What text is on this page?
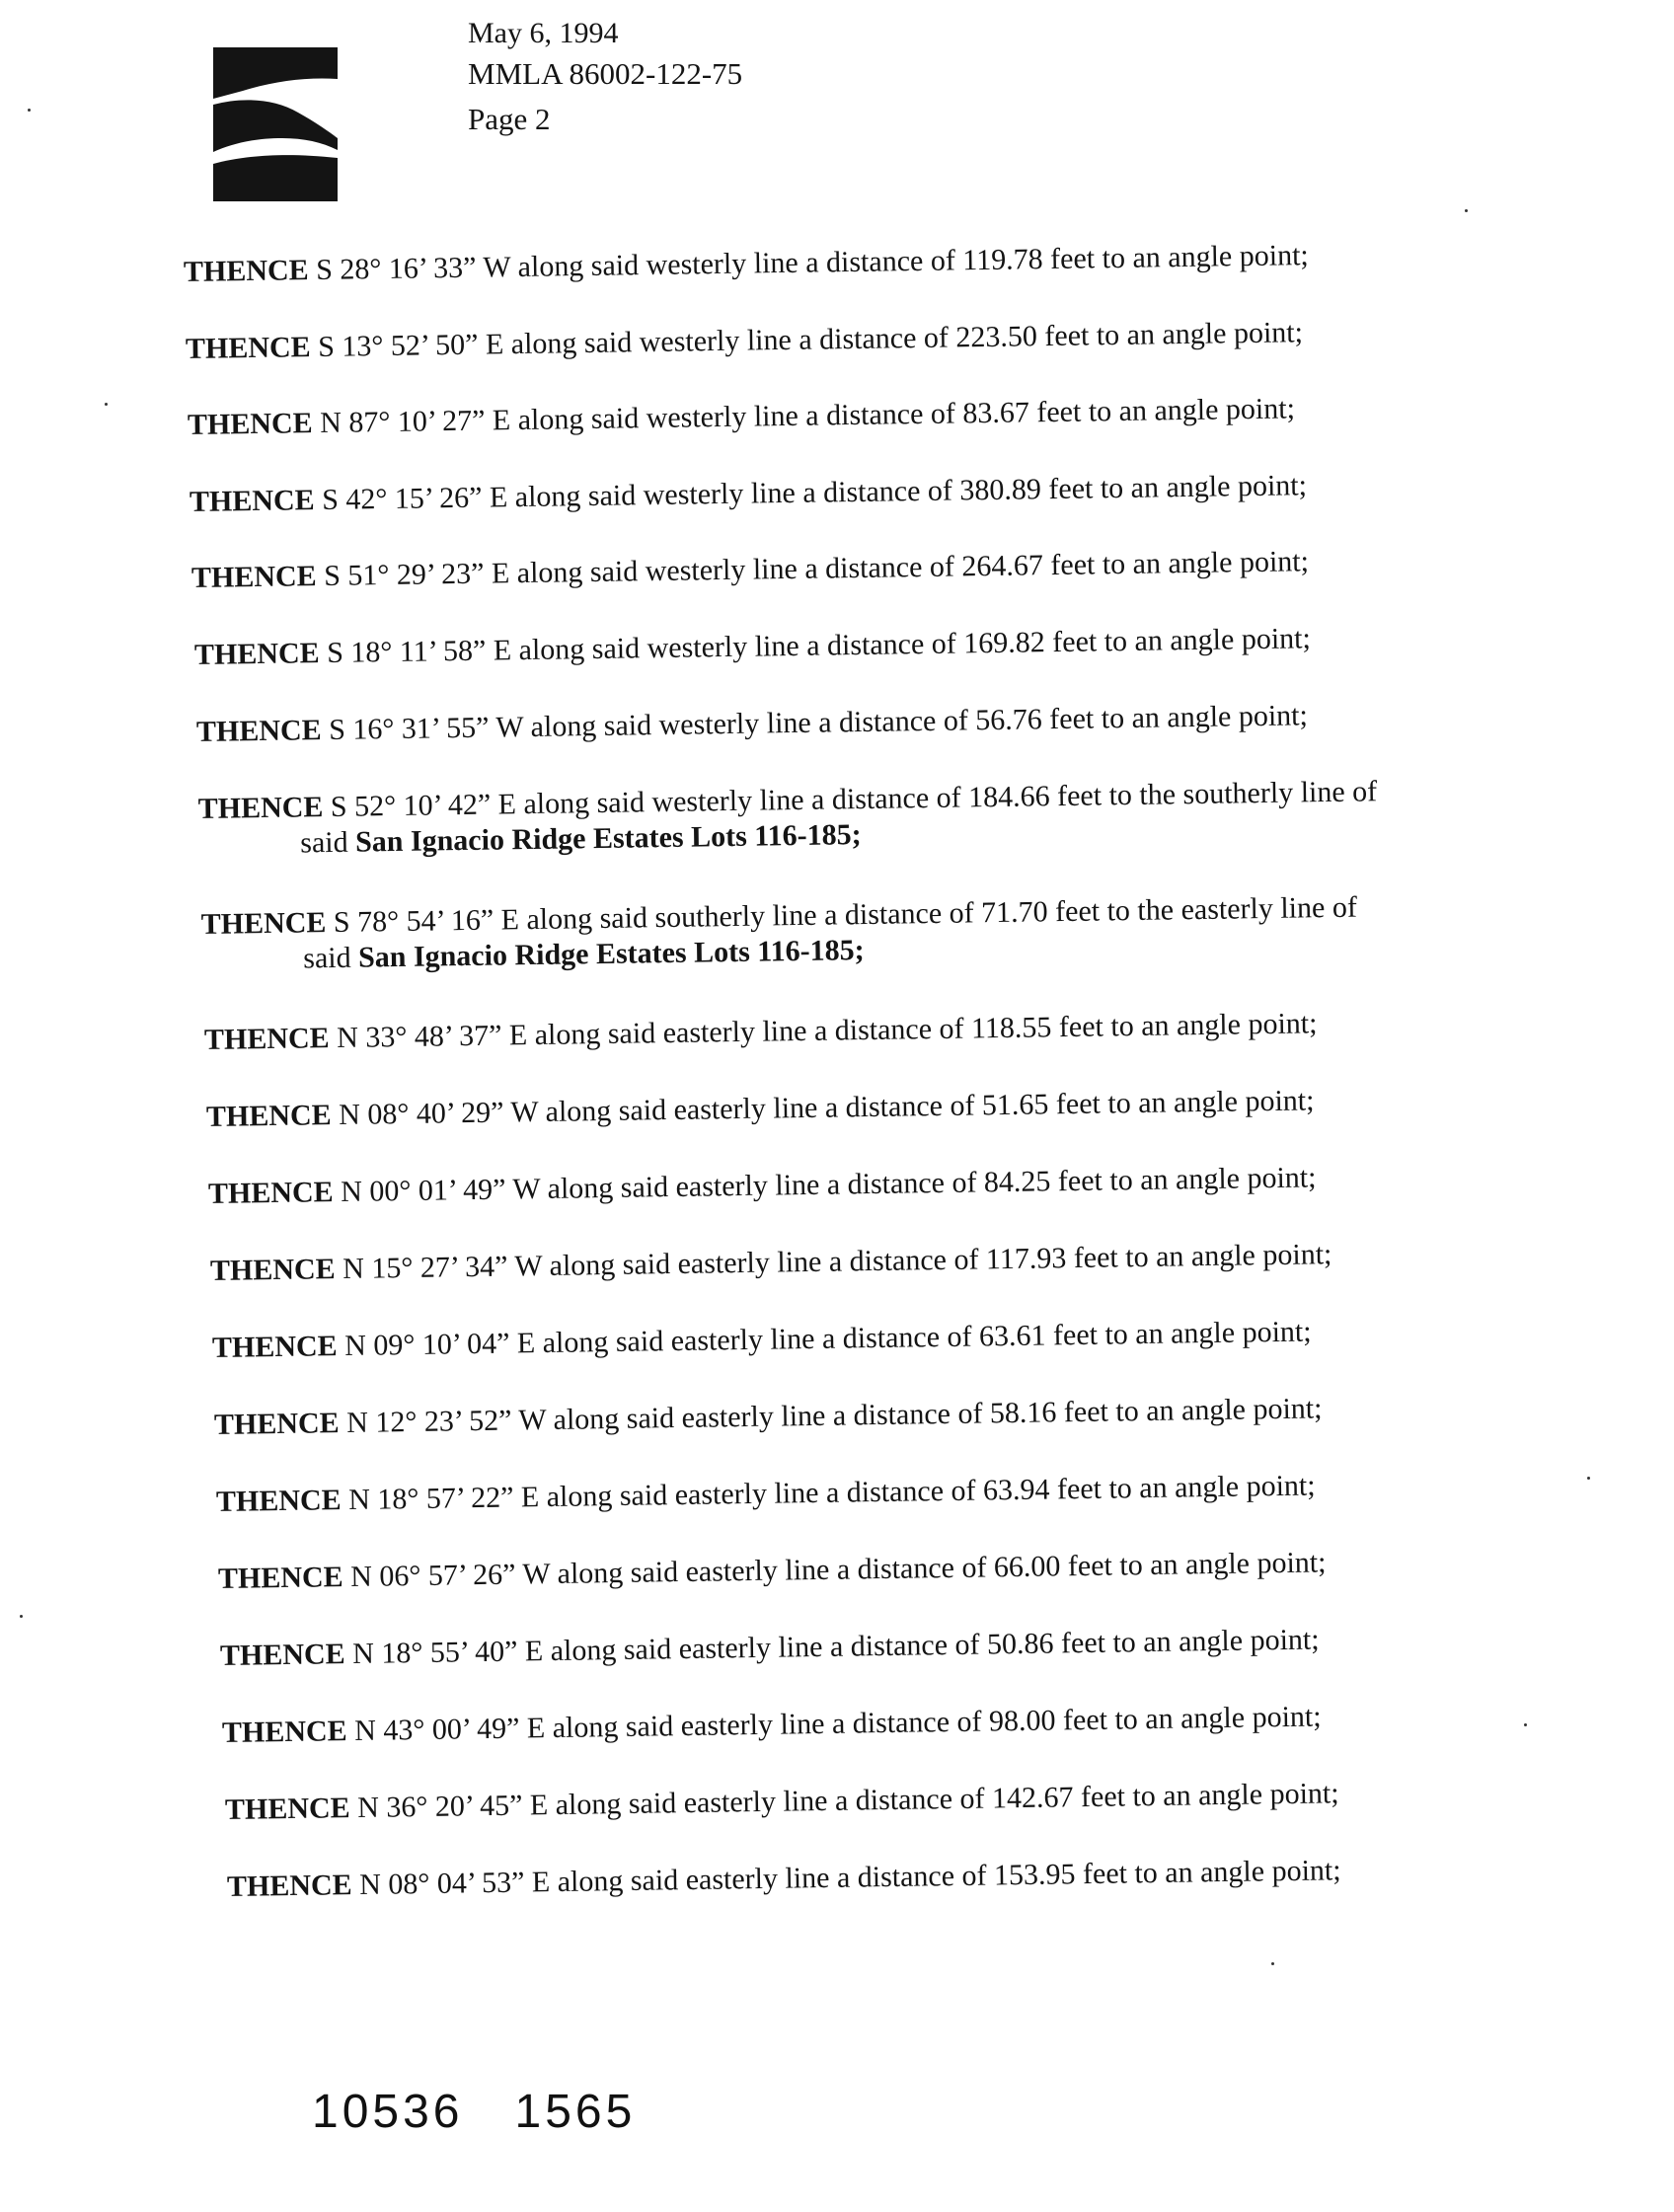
May 6, 1994
MMLA 86002-122-75
Page 2
THENCE S 28° 16’ 33” W along said westerly line a distance of 119.78 feet to an angle point;
THENCE S 13° 52’ 50” E along said westerly line a distance of 223.50 feet to an angle point;
THENCE N 87° 10’ 27” E along said westerly line a distance of 83.67 feet to an angle point;
THENCE S 42° 15’ 26” E along said westerly line a distance of 380.89 feet to an angle point;
THENCE S 51° 29’ 23” E along said westerly line a distance of 264.67 feet to an angle point;
THENCE S 18° 11’ 58” E along said westerly line a distance of 169.82 feet to an angle point;
THENCE S 16° 31’ 55” W along said westerly line a distance of 56.76 feet to an angle point;
THENCE S 52° 10’ 42” E along said westerly line a distance of 184.66 feet to the southerly line of
said San Ignacio Ridge Estates Lots 116-185;
THENCE S 78° 54’ 16” E along said southerly line a distance of 71.70 feet to the easterly line of
said San Ignacio Ridge Estates Lots 116-185;
THENCE N 33° 48’ 37” E along said easterly line a distance of 118.55 feet to an angle point;
THENCE N 08° 40’ 29” W along said easterly line a distance of 51.65 feet to an angle point;
THENCE N 00° 01’ 49” W along said easterly line a distance of 84.25 feet to an angle point;
THENCE N 15° 27’ 34” W along said easterly line a distance of 117.93 feet to an angle point;
THENCE N 09° 10’ 04” E along said easterly line a distance of 63.61 feet to an angle point;
THENCE N 12° 23’ 52” W along said easterly line a distance of 58.16 feet to an angle point;
THENCE N 18° 57’ 22” E along said easterly line a distance of 63.94 feet to an angle point;
THENCE N 06° 57’ 26” W along said easterly line a distance of 66.00 feet to an angle point;
THENCE N 18° 55’ 40” E along said easterly line a distance of 50.86 feet to an angle point;
THENCE N 43° 00’ 49” E along said easterly line a distance of 98.00 feet to an angle point;
THENCE N 36° 20’ 45” E along said easterly line a distance of 142.67 feet to an angle point;
THENCE N 08° 04’ 53” E along said easterly line a distance of 153.95 feet to an angle point;
10536 1565
